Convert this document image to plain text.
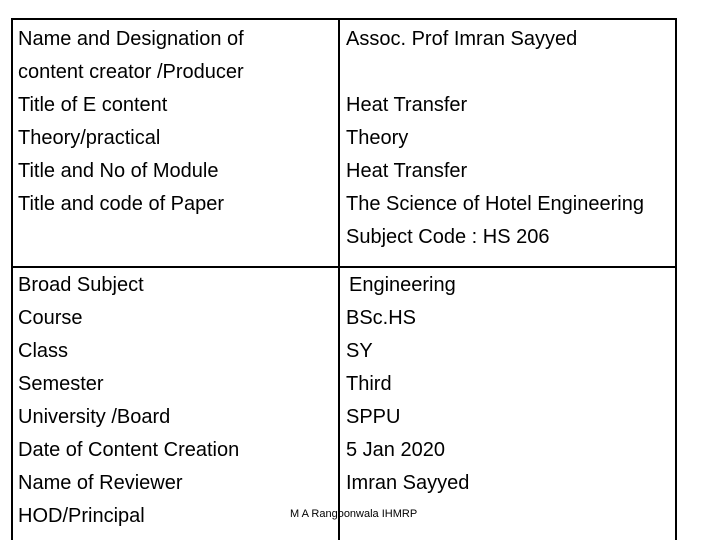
Name and Designation of
content creator /Producer
Title of E content
Theory/practical
Title and No of Module
Title and code of Paper
Assoc. Prof Imran Sayyed
Heat Transfer
Theory
Heat Transfer
The Science of Hotel Engineering
Subject Code : HS 206
Broad Subject
Course
Class
Semester
University /Board
Date of Content Creation
Name of Reviewer
HOD/Principal
Engineering
BSc.HS
SY
Third
SPPU
5 Jan 2020
Imran Sayyed
M A Rangoonwala IHMRP
